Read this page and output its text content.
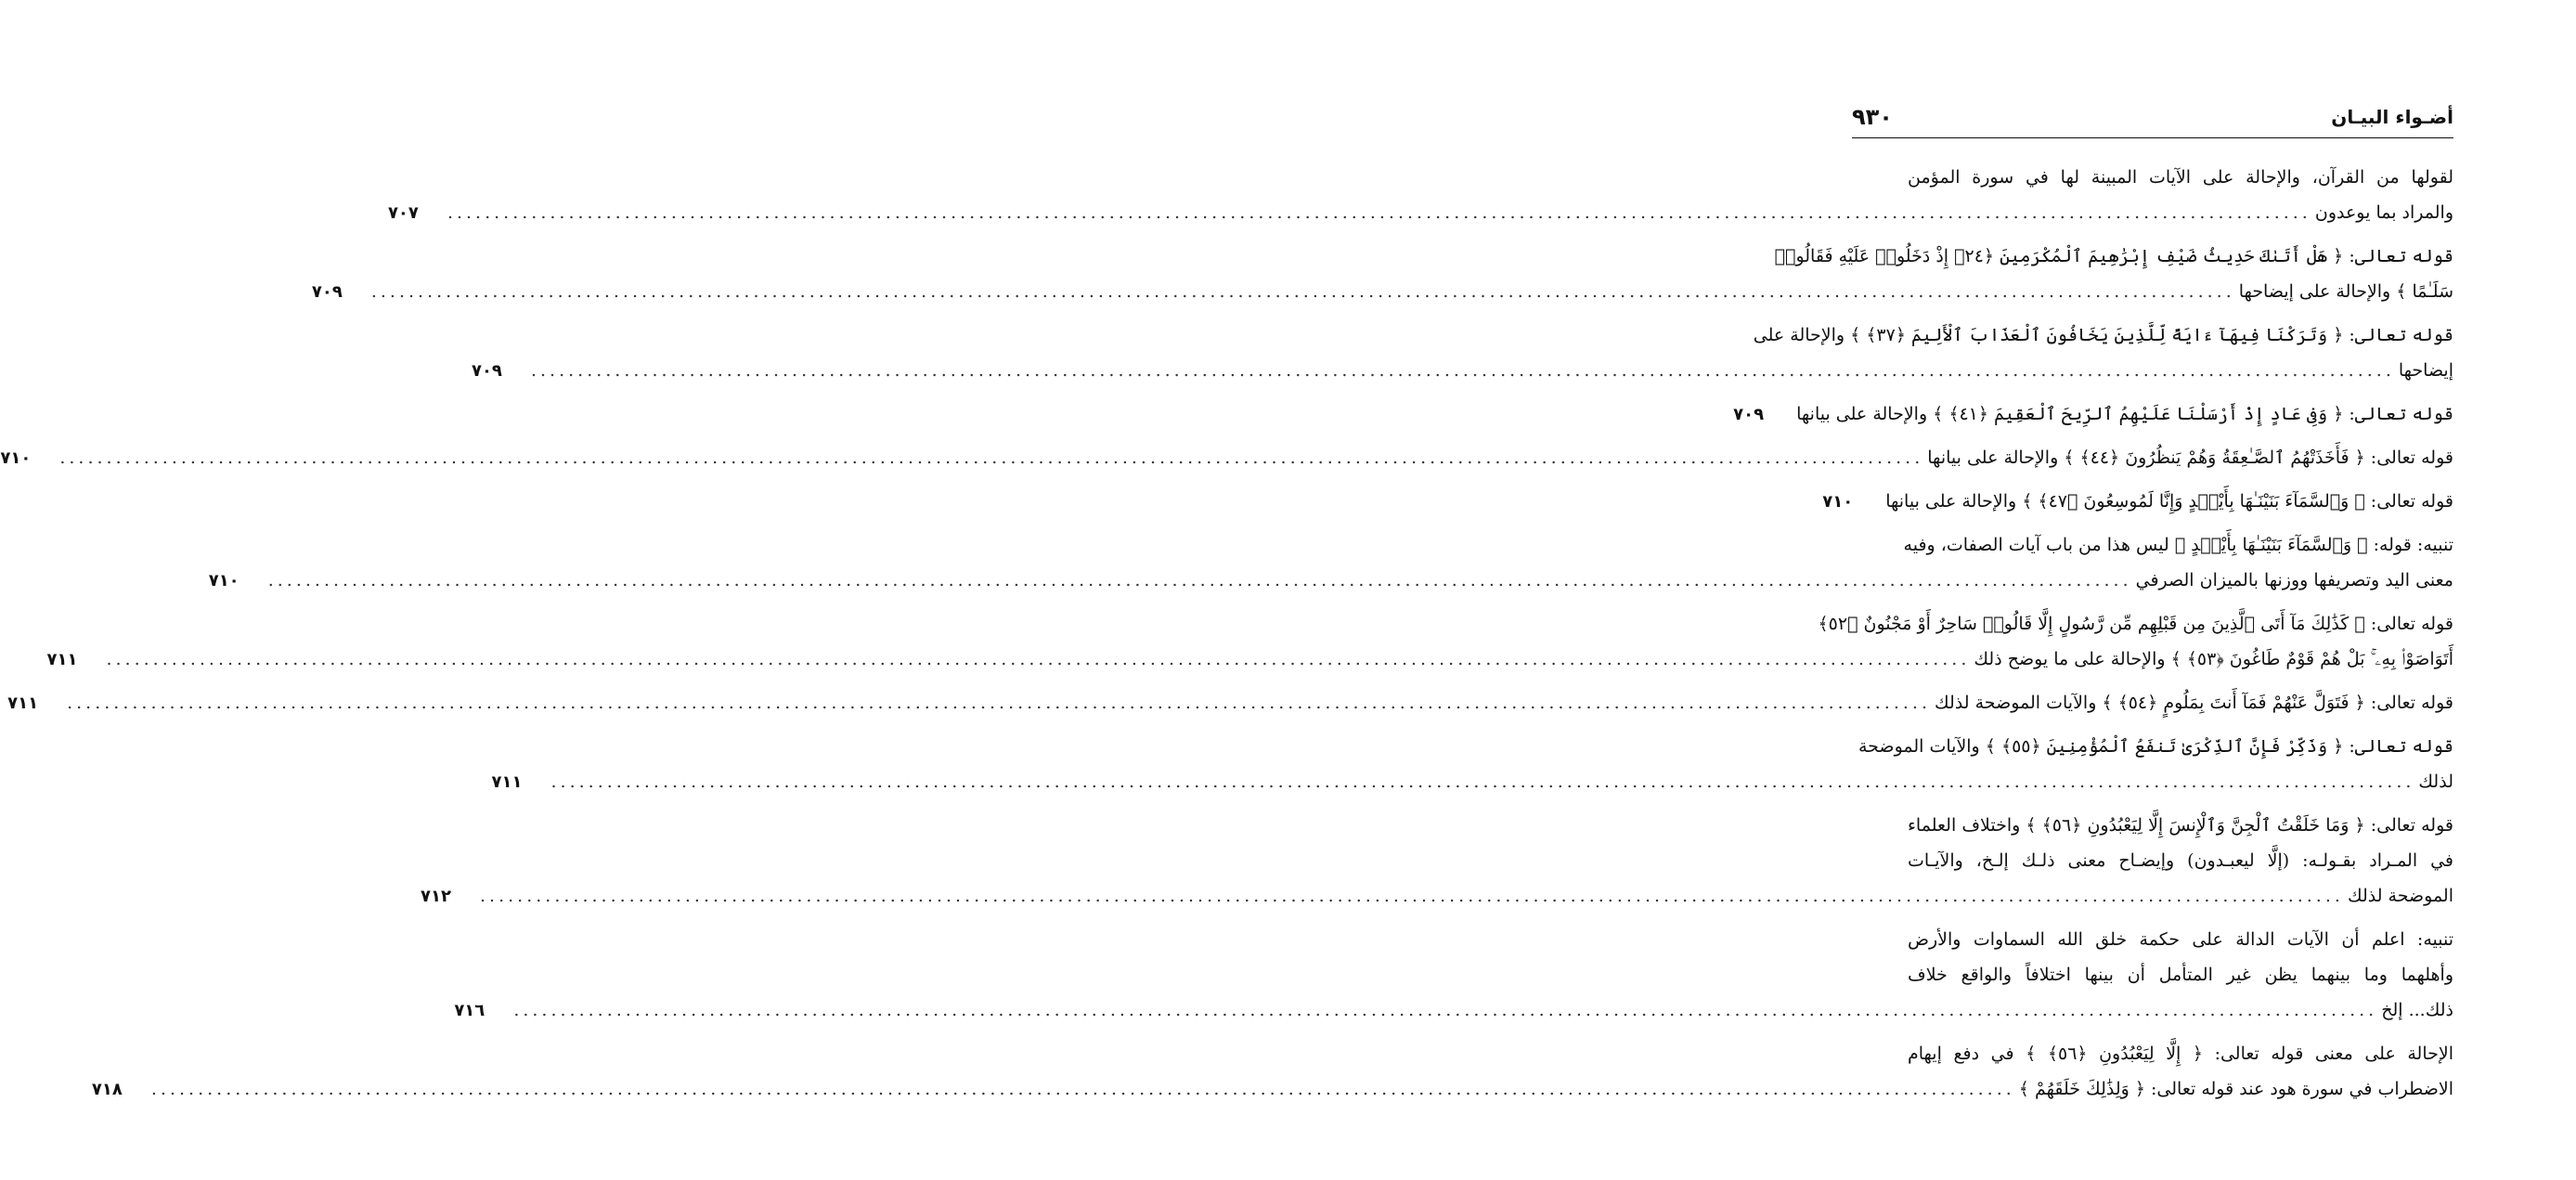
٩٣٠	أضـواء البيـان
لقولها من القرآن، والإحالة على الآيات المبينة لها في سورة المؤمن
والمراد بما يوعدون
........................................................................................................................................................................................................
٧٠٧
قوله تعالى: ﴿ هَلْ أَتَىٰكَ حَدِيثُ ضَيْفِ إِبْرَٰهِيمَ ٱلْمُكْرَمِينَ ﴿٢٤﴾ إِذْ دَخَلُوا۟ عَلَيْهِ فَقَالُوا۟
سَلَـٰمًا ﴾ والإحالة على إيضاحها
........................................................................................................................................................................................................
٧٠٩
قوله تعالى: ﴿ وَتَرَكْنَا فِيهَآ ءَايَةً لِّلَّذِينَ يَخَافُونَ ٱلْعَذَابَ ٱلْأَلِيمَ ﴿٣٧﴾ ﴾ والإحالة على
إيضاحها
........................................................................................................................................................................................................
٧٠٩
قوله تعالى: ﴿ وَفِى عَادٍ إِذْ أَرْسَلْنَا عَلَيْهِمُ ٱلرِّيحَ ٱلْعَقِيمَ ﴿٤١﴾ ﴾ والإحالة على بيانها
٧٠٩
قوله تعالى: ﴿ فَأَخَذَتْهُمُ ٱلصَّـٰعِقَةُ وَهُمْ يَنظُرُونَ ﴿٤٤﴾ ﴾ والإحالة على بيانها
........................................................................................................................................................................................................
٧١٠
قوله تعالى: ﴿ وَٱلسَّمَآءَ بَنَيْنَـٰهَا بِأَيْي۟دٍ وَإِنَّا لَمُوسِعُونَ ﴿٤٧﴾ ﴾ والإحالة على بيانها
٧١٠
تنبيه: قوله: ﴿ وَٱلسَّمَآءَ بَنَيْنَـٰهَا بِأَيْي۟دٍ ﴾ ليس هذا من باب آيات الصفات، وفيه
معنى اليد وتصريفها ووزنها بالميزان الصرفي
........................................................................................................................................................................................................
٧١٠
قوله تعالى: ﴿ كَذَٰلِكَ مَآ أَتَى ٱلَّذِينَ مِن قَبْلِهِم مِّن رَّسُولٍ إِلَّا قَالُوا۟ سَاحِرٌ أَوْ مَجْنُونٌ ﴿٥٢﴾
أَتَوَاصَوْا۟ بِهِۦ ۚ بَلْ هُمْ قَوْمٌ طَاغُونَ ﴿٥٣﴾ ﴾ والإحالة على ما يوضح ذلك
........................................................................................................................................................................................................
٧١١
قوله تعالى: ﴿ فَتَوَلَّ عَنْهُمْ فَمَآ أَنتَ بِمَلُومٍ ﴿٥٤﴾ ﴾ والآيات الموضحة لذلك
........................................................................................................................................................................................................
٧١١
قوله تعالى: ﴿ وَذَكِّرْ فَإِنَّ ٱلذِّكْرَىٰ تَنفَعُ ٱلْمُؤْمِنِينَ ﴿٥٥﴾ ﴾ والآيات الموضحة
لذلك
........................................................................................................................................................................................................
٧١١
قوله تعالى: ﴿ وَمَا خَلَقْتُ ٱلْجِنَّ وَٱلْإِنسَ إِلَّا لِيَعْبُدُونِ ﴿٥٦﴾ ﴾ واختلاف العلماء
في المـراد بقـولـه: (إلَّا ليعبـدون) وإيضـاح معنى ذلـك إلـخ، والآيـات
الموضحة لذلك
........................................................................................................................................................................................................
٧١٢
تنبيه: اعلم أن الآيات الدالة على حكمة خلق الله السماوات والأرض
وأهلهما وما بينهما يظن غير المتأمل أن بينها اختلافاً والواقع خلاف
ذلك... إلخ
........................................................................................................................................................................................................
٧١٦
الإحالة على معنى قوله تعالى: ﴿ إِلَّا لِيَعْبُدُونِ ﴿٥٦﴾ ﴾ في دفع إيهام
الاضطراب في سورة هود عند قوله تعالى: ﴿ وَلِذَٰلِكَ خَلَقَهُمْ ﴾
........................................................................................................................................................................................................
٧١٨
